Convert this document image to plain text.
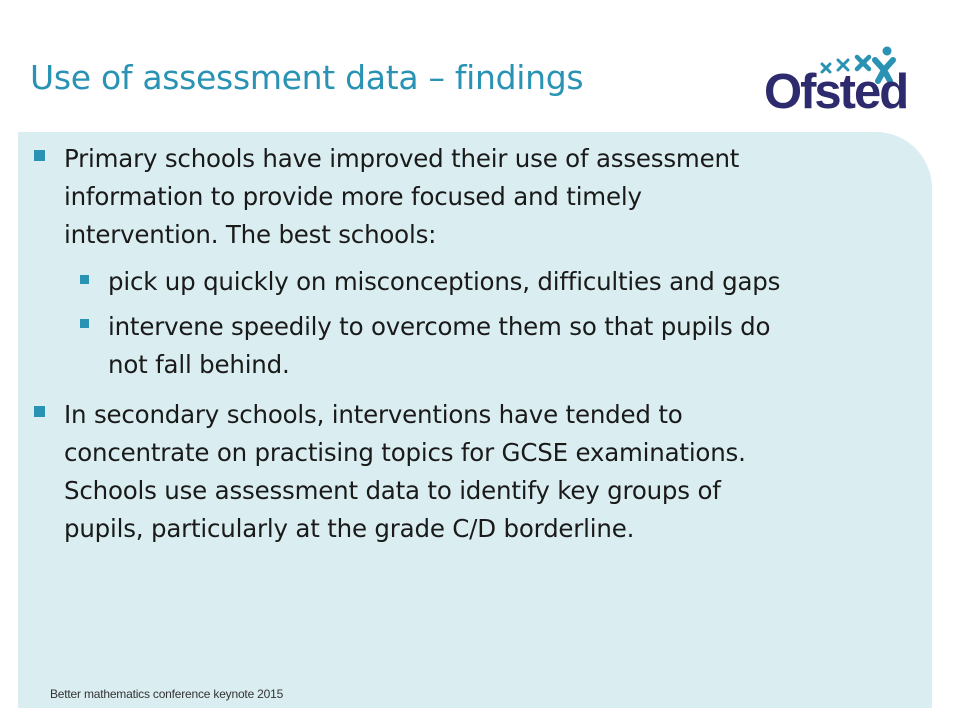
Use of assessment data – findings	Ofsted
Primary schools have improved their use of assessment
information to provide more focused and timely
intervention. The best schools:
pick up quickly on misconceptions, difficulties and gaps
intervene speedily to overcome them so that pupils do
not fall behind.
In secondary schools, interventions have tended to
concentrate on practising topics for GCSE examinations.
Schools use assessment data to identify key groups of
pupils, particularly at the grade C/D borderline.
Better mathematics conference keynote 2015
